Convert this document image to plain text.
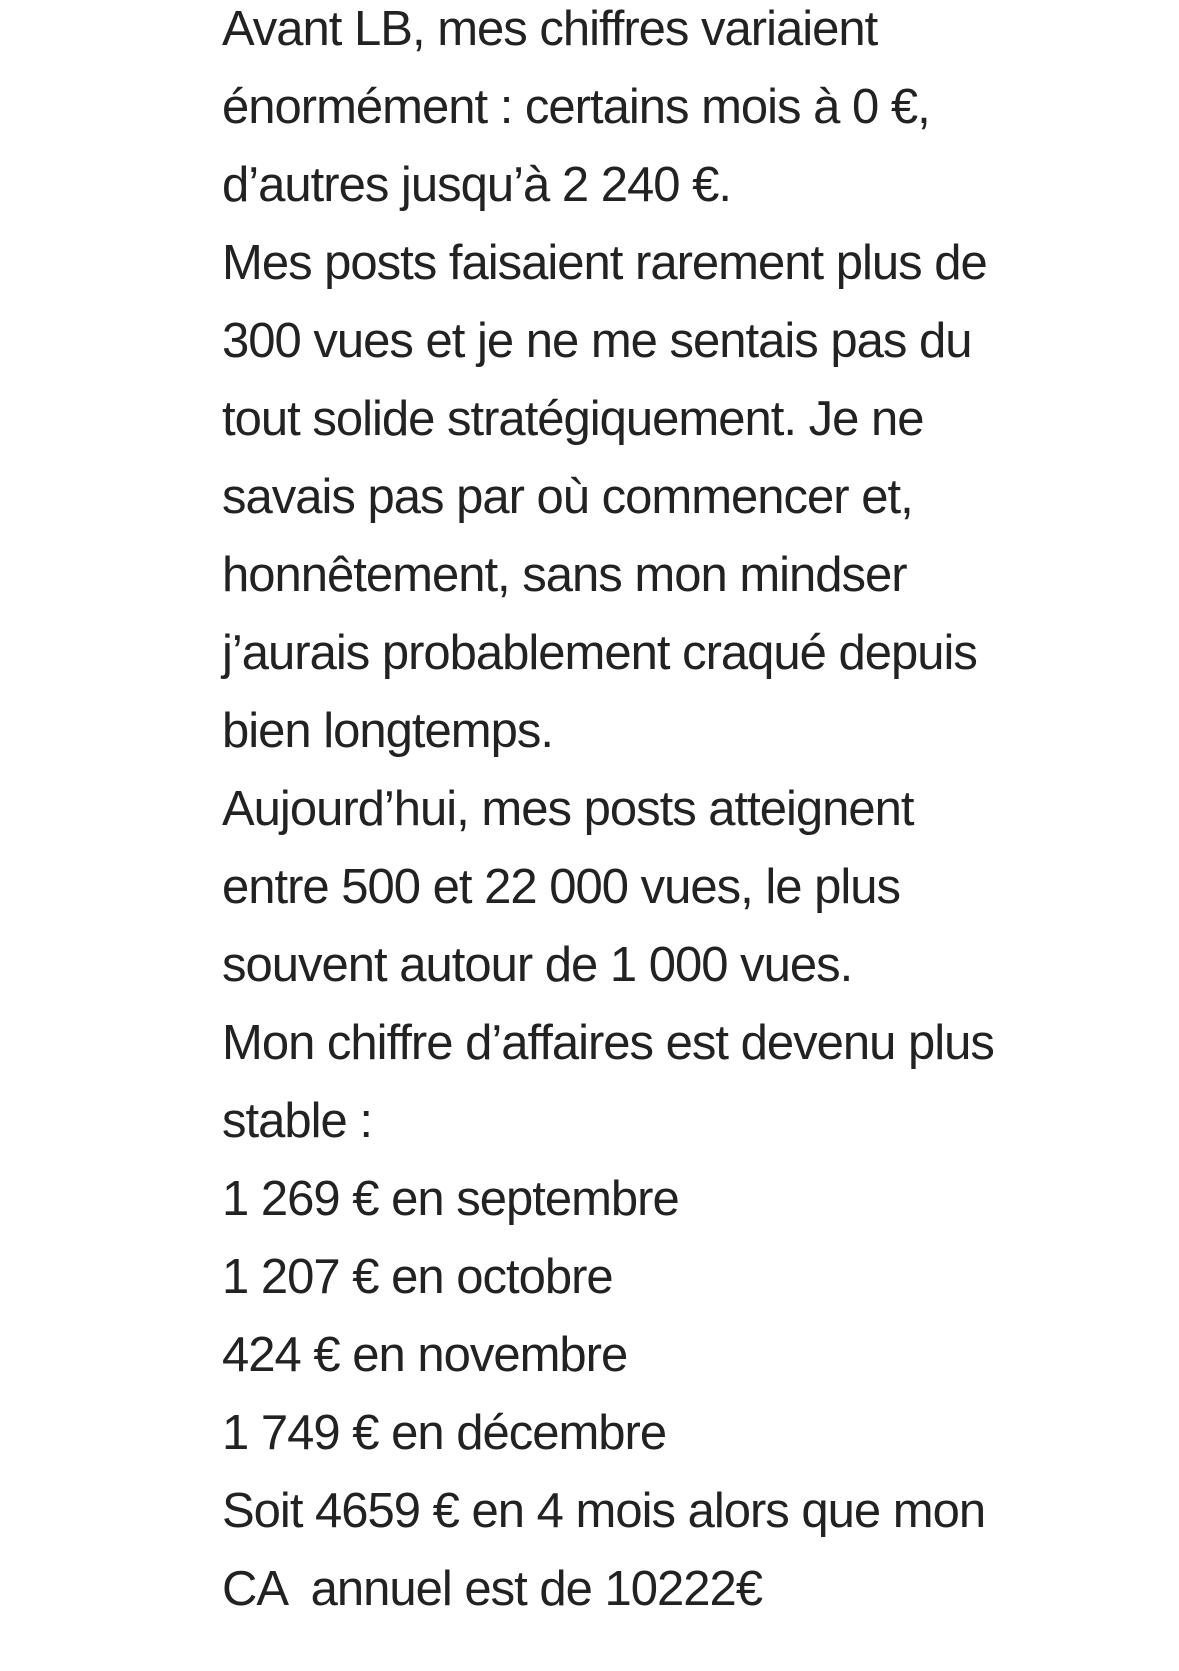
Avant LB, mes chiffres variaient
énormément : certains mois à 0 €,
d’autres jusqu’à 2 240 €.
Mes posts faisaient rarement plus de
300 vues et je ne me sentais pas du
tout solide stratégiquement. Je ne
savais pas par où commencer et,
honnêtement, sans mon mindser
j’aurais probablement craqué depuis
bien longtemps.
Aujourd’hui, mes posts atteignent
entre 500 et 22 000 vues, le plus
souvent autour de 1 000 vues.
Mon chiffre d’affaires est devenu plus
stable :
1 269 € en septembre
1 207 € en octobre
424 € en novembre
1 749 € en décembre
Soit 4659 € en 4 mois alors que mon
CA  annuel est de 10222€
